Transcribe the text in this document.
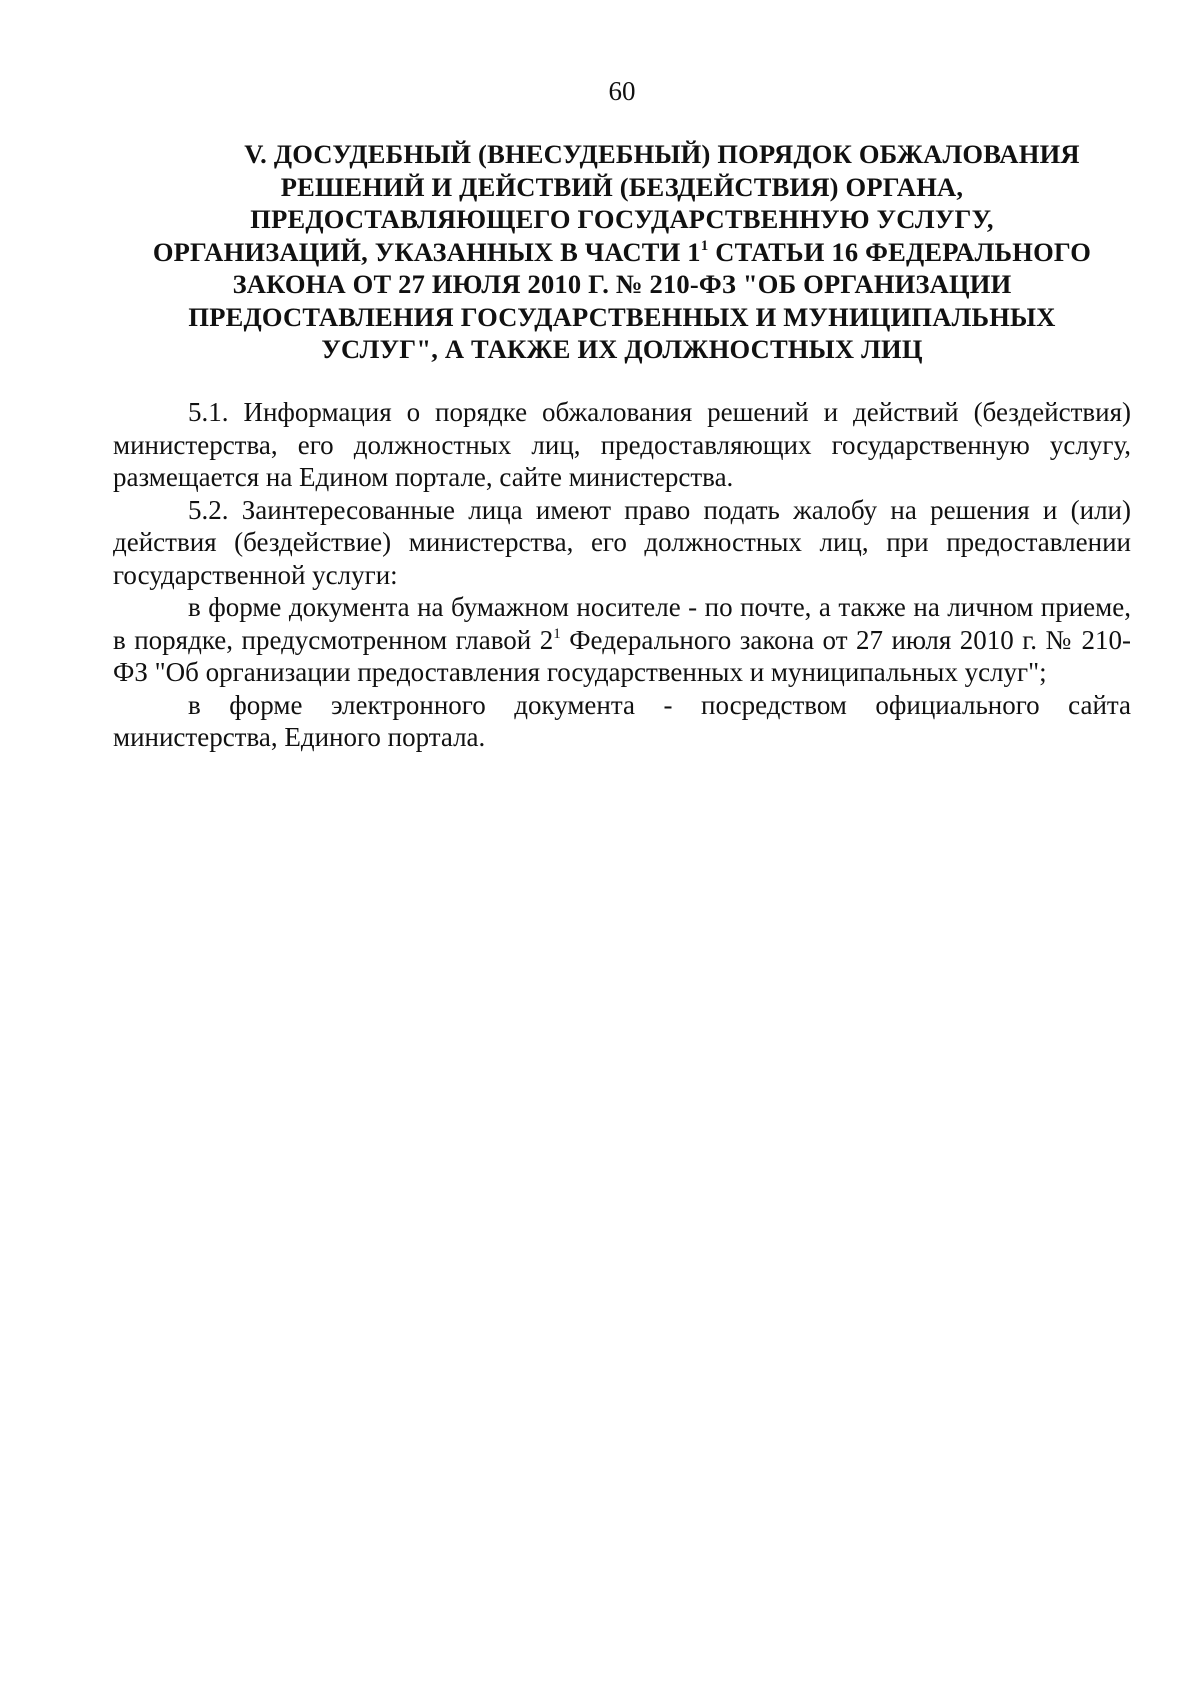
60
V. ДОСУДЕБНЫЙ (ВНЕСУДЕБНЫЙ) ПОРЯДОК ОБЖАЛОВАНИЯ
РЕШЕНИЙ И ДЕЙСТВИЙ (БЕЗДЕЙСТВИЯ) ОРГАНА,
ПРЕДОСТАВЛЯЮЩЕГО ГОСУДАРСТВЕННУЮ УСЛУГУ,
ОРГАНИЗАЦИЙ, УКАЗАННЫХ В ЧАСТИ $1^1$ СТАТЬИ 16 ФЕДЕРАЛЬНОГО
ЗАКОНА ОТ 27 ИЮЛЯ 2010 Г. № 210-ФЗ "ОБ ОРГАНИЗАЦИИ
ПРЕДОСТАВЛЕНИЯ ГОСУДАРСТВЕННЫХ И МУНИЦИПАЛЬНЫХ
УСЛУГ", А ТАКЖЕ ИХ ДОЛЖНОСТНЫХ ЛИЦ

5.1. Информация о порядке обжалования решений и действий (бездействия) министерства, его должностных лиц, предоставляющих государственную услугу, размещается на Едином портале, сайте министерства.

5.2. Заинтересованные лица имеют право подать жалобу на решения и (или) действия (бездействие) министерства, его должностных лиц, при предоставлении государственной услуги:

в форме документа на бумажном носителе - по почте, а также на личном приеме, в порядке, предусмотренном главой $2^1$ Федерального закона от 27 июля 2010 г. № 210-ФЗ "Об организации предоставления государственных и муниципальных услуг";

в форме электронного документа - посредством официального сайта министерства, Единого портала.
